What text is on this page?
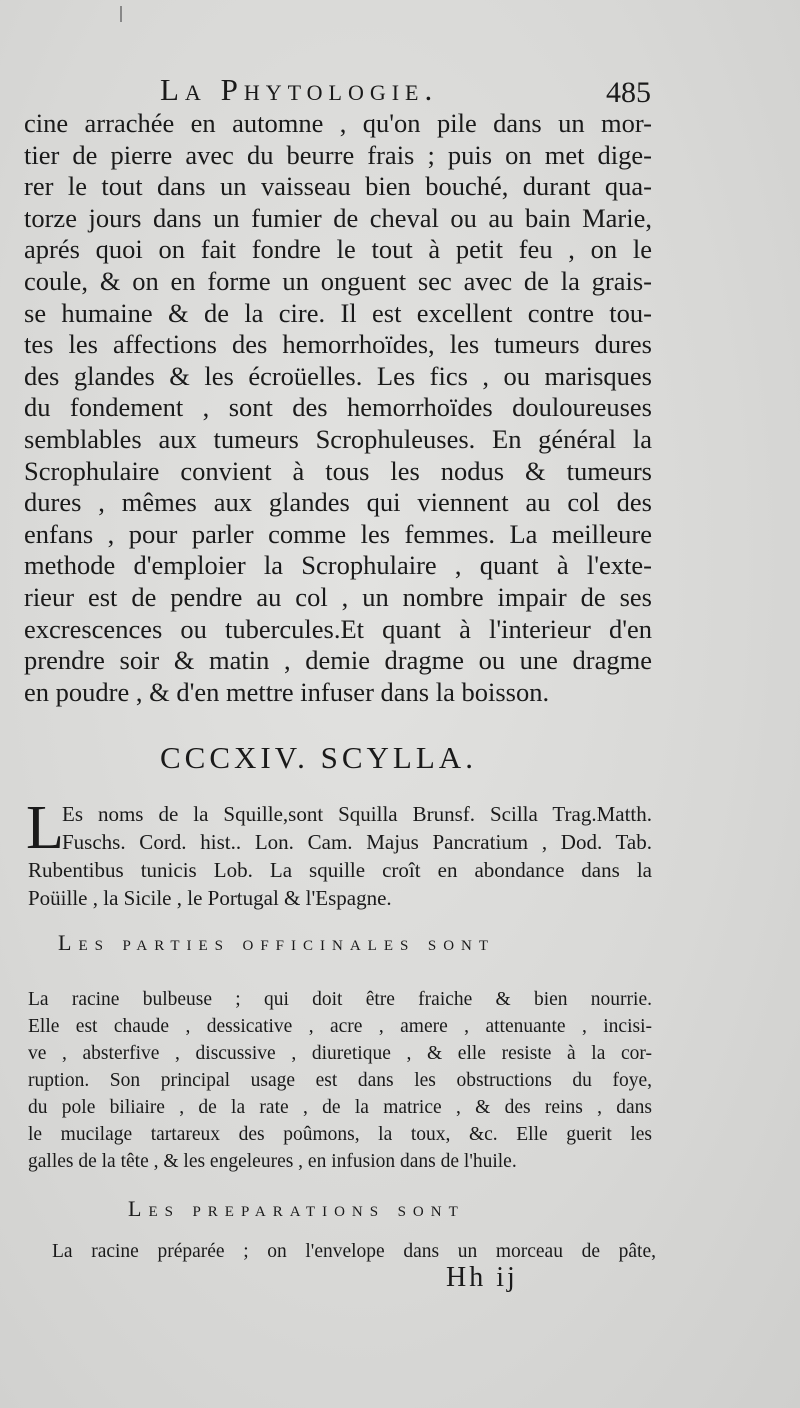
La Phytologie.	485
cine arrachée en automne , qu'on pile dans un mor-
tier de pierre avec du beurre frais ; puis on met dige-
rer le tout dans un vaisseau bien bouché, durant qua-
torze jours dans un fumier de cheval ou au bain Marie,
aprés quoi on fait fondre le tout à petit feu , on le
coule, & on en forme un onguent sec avec de la grais-
se humaine & de la cire. Il est excellent contre tou-
tes les affections des hemorrhoïdes, les tumeurs dures
des glandes & les écroüelles. Les fics , ou marisques
du fondement , sont des hemorrhoïdes douloureuses
semblables aux tumeurs Scrophuleuses. En général la
Scrophulaire convient à tous les nodus & tumeurs
dures , mêmes aux glandes qui viennent au col des
enfans , pour parler comme les femmes. La meilleure
methode d'emploier la Scrophulaire , quant à l'exte-
rieur est de pendre au col , un nombre impair de ses
excrescences ou tubercules.Et quant à l'interieur d'en
prendre soir & matin , demie dragme ou une dragme
en poudre , & d'en mettre infuser dans la boisson.
CCCXIV. SCYLLA.
L
Es noms de la Squille,sont Squilla Brunsf. Scilla Trag.Matth.
Fuschs. Cord. hist.. Lon. Cam. Majus Pancratium , Dod. Tab.
Rubentibus tunicis Lob. La squille croît en abondance dans la
Poüille , la Sicile , le Portugal & l'Espagne.
Les parties officinales sont
La racine bulbeuse ; qui doit être fraiche & bien nourrie.
Elle est chaude , dessicative , acre , amere , attenuante , incisi-
ve , absterfive , discussive , diuretique , & elle resiste à la cor-
ruption. Son principal usage est dans les obstructions du foye,
du pole biliaire , de la rate , de la matrice , & des reins , dans
le mucilage tartareux des poûmons, la toux, &c. Elle guerit les
galles de la tête , & les engeleures , en infusion dans de l'huile.
Les preparations sont
La racine préparée ; on l'envelope dans un morceau de pâte,
Hh ij
